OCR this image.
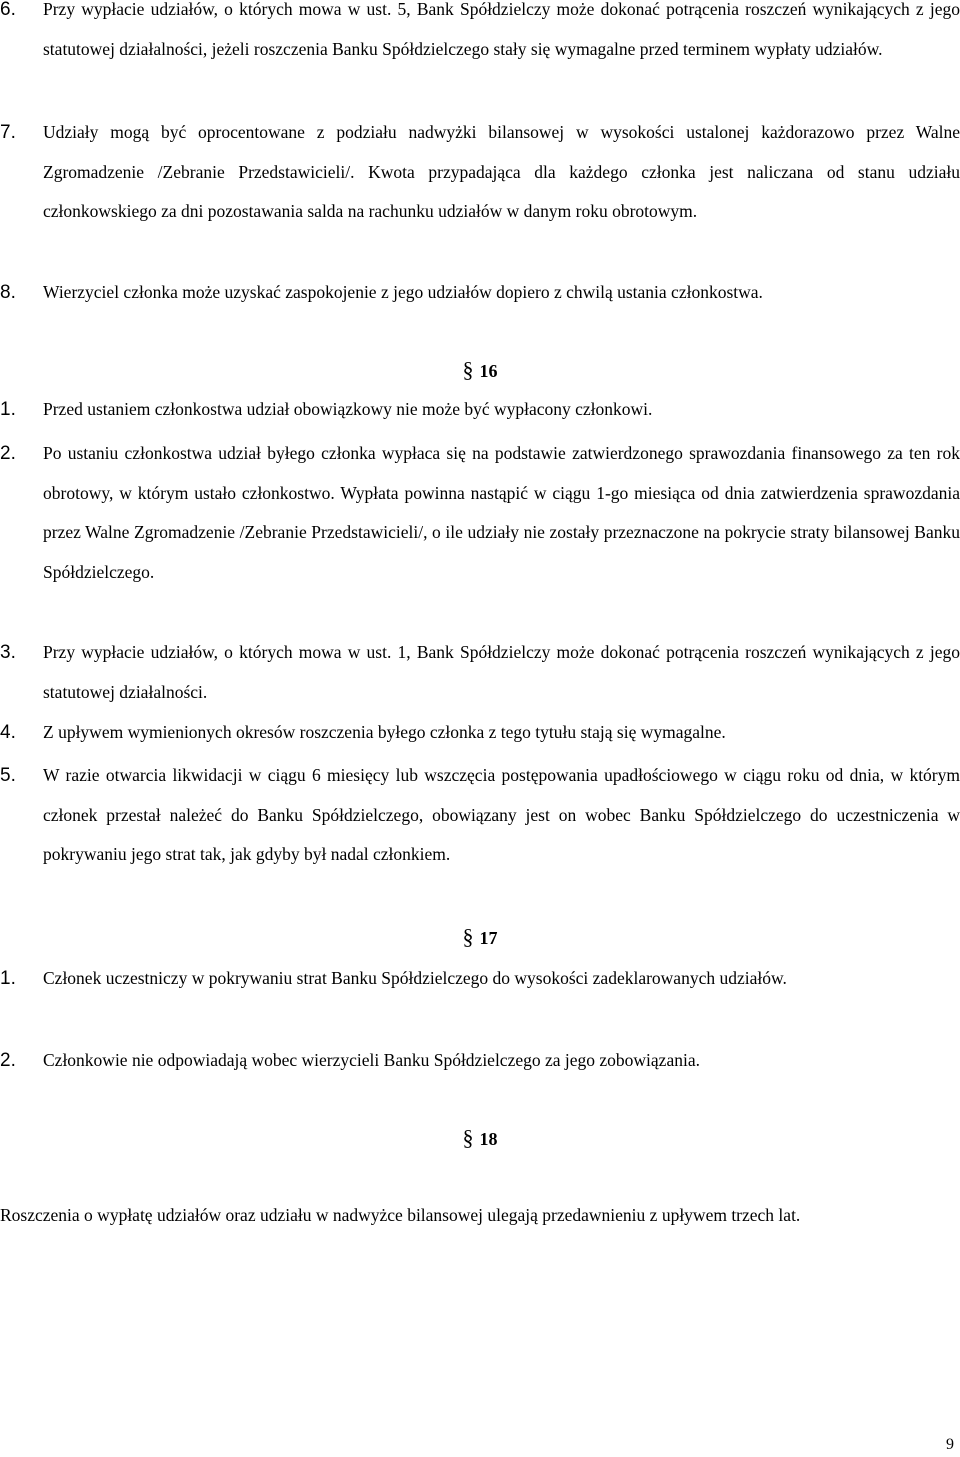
6. Przy wypłacie udziałów, o których mowa w ust. 5, Bank Spółdzielczy może dokonać potrącenia roszczeń wynikających z jego statutowej działalności, jeżeli roszczenia Banku Spółdzielczego stały się wymagalne przed terminem wypłaty udziałów.
7. Udziały mogą być oprocentowane z podziału nadwyżki bilansowej w wysokości ustalonej każdorazowo przez Walne Zgromadzenie /Zebranie Przedstawicieli/. Kwota przypadająca dla każdego członka jest naliczana od stanu udziału członkowskiego za dni pozostawania salda na rachunku udziałów w danym roku obrotowym.
8. Wierzyciel członka może uzyskać zaspokojenie z jego udziałów dopiero z chwilą ustania członkostwa.
§ 16
1. Przed ustaniem członkostwa udział obowiązkowy nie może być wypłacony członkowi.
2. Po ustaniu członkostwa udział byłego członka wypłaca się na podstawie zatwierdzonego sprawozdania finansowego za ten rok obrotowy, w którym ustało członkostwo. Wypłata powinna nastąpić w ciągu 1-go miesiąca od dnia zatwierdzenia sprawozdania przez Walne Zgromadzenie /Zebranie Przedstawicieli/, o ile udziały nie zostały przeznaczone na pokrycie straty bilansowej Banku Spółdzielczego.
3. Przy wypłacie udziałów, o których mowa w ust. 1, Bank Spółdzielczy może dokonać potrącenia roszczeń wynikających z jego statutowej działalności.
4. Z upływem wymienionych okresów roszczenia byłego członka z tego tytułu stają się wymagalne.
5. W razie otwarcia likwidacji w ciągu 6 miesięcy lub wszczęcia postępowania upadłościowego w ciągu roku od dnia, w którym członek przestał należeć do Banku Spółdzielczego, obowiązany jest on wobec Banku Spółdzielczego do uczestniczenia w pokrywaniu jego strat tak, jak gdyby był nadal członkiem.
§ 17
1. Członek uczestniczy w pokrywaniu strat Banku Spółdzielczego do wysokości zadeklarowanych udziałów.
2. Członkowie nie odpowiadają wobec wierzycieli Banku Spółdzielczego za jego zobowiązania.
§ 18
Roszczenia o wypłatę udziałów oraz udziału w nadwyżce bilansowej ulegają przedawnieniu z upływem trzech lat.
9
